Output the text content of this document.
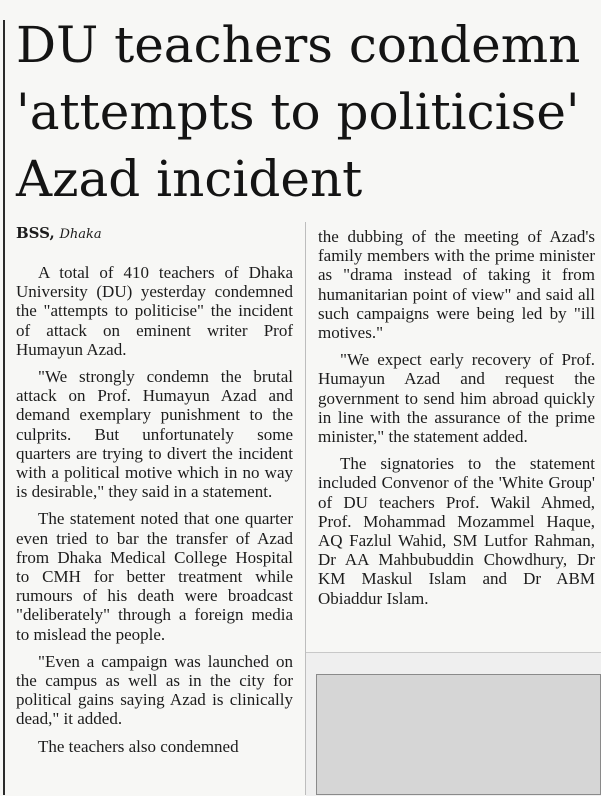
DU teachers condemn
'attempts to politicise'
Azad incident
BSS, Dhaka

A total of 410 teachers of Dhaka University (DU) yesterday condemned the "attempts to politicise" the incident of attack on eminent writer Prof Humayun Azad.

"We strongly condemn the brutal attack on Prof. Humayun Azad and demand exemplary punishment to the culprits. But unfortunately some quarters are trying to divert the incident with a political motive which in no way is desirable," they said in a statement.

The statement noted that one quarter even tried to bar the transfer of Azad from Dhaka Medical College Hospital to CMH for better treatment while rumours of his death were broadcast "deliberately" through a foreign media to mislead the people.

"Even a campaign was launched on the campus as well as in the city for political gains saying Azad is clinically dead," it added.

The teachers also condemned

the dubbing of the meeting of Azad's family members with the prime minister as "drama instead of taking it from humanitarian point of view" and said all such campaigns were being led by "ill motives."

"We expect early recovery of Prof. Humayun Azad and request the government to send him abroad quickly in line with the assurance of the prime minister," the statement added.

The signatories to the statement included Convenor of the 'White Group' of DU teachers Prof. Wakil Ahmed, Prof. Mohammad Mozammel Haque, AQ Fazlul Wahid, SM Lutfor Rahman, Dr AA Mahbubuddin Chowdhury, Dr KM Maskul Islam and Dr ABM Obiaddur Islam.
